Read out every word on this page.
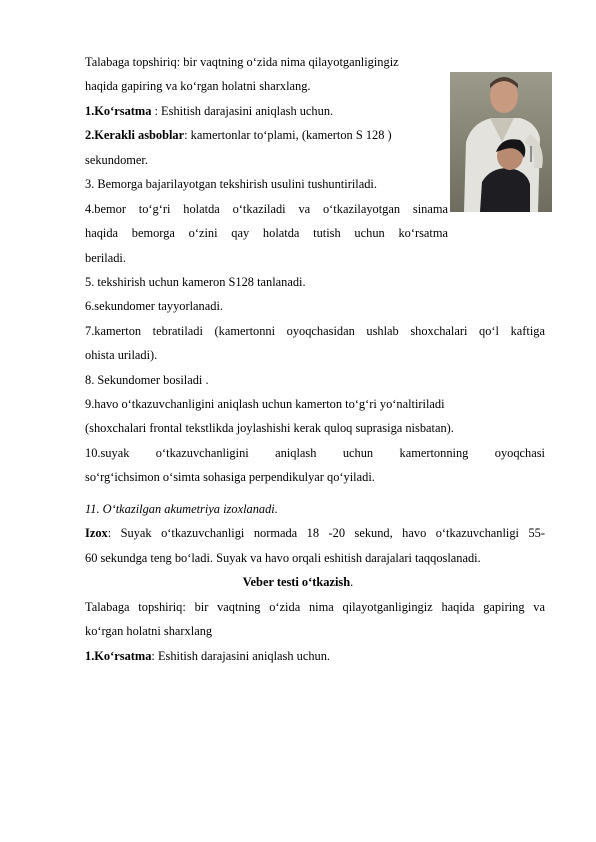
Talabaga topshiriq: bir vaqtning o‘zida nima qilayotganligingiz
haqida gapiring va ko‘rgan holatni sharxlang.
1.Ko‘rsatma : Eshitish darajasini aniqlash uchun.
2.Kerakli asboblar: kamertonlar to‘plami, (kamerton S 128 )
sekundomer.
3. Bemorga bajarilayotgan tekshirish usulini tushuntiriladi.
4.bemor to‘g‘ri holatda o‘tkaziladi va o‘tkazilayotgan sinama
haqida bemorga o‘zini qay holatda tutish uchun ko‘rsatma
beriladi.
5. tekshirish uchun kameron S128 tanlanadi.
6.sekundomer tayyorlanadi.
7.kamerton tebratiladi (kamertonni oyoqchasidan ushlab shoxchalari qo‘l kaftiga
ohista uriladi).
8. Sekundomer bosiladi .
9.havo o‘tkazuvchanligini aniqlash uchun kamerton to‘g‘ri yo‘naltiriladi
(shoxchalari frontal tekstlikda joylashishi kerak quloq suprasiga nisbatan).
10.suyak o‘tkazuvchanligini aniqlash uchun kamertonning oyoqchasi
so‘rg‘ichsimon o‘simta sohasiga perpendikulyar qo‘yiladi.
11. O‘tkazilgan akumetriya izoxlanadi.
Izox: Suyak o‘tkazuvchanligi normada 18 -20 sekund, havo o‘tkazuvchanligi 55-
60 sekundga teng bo‘ladi. Suyak va havo orqali eshitish darajalari taqqoslanadi.
Veber testi o‘tkazish.
Talabaga topshiriq: bir vaqtning o‘zida nima qilayotganligingiz haqida gapiring va
ko‘rgan holatni sharxlang
1.Ko‘rsatma: Eshitish darajasini aniqlash uchun.
